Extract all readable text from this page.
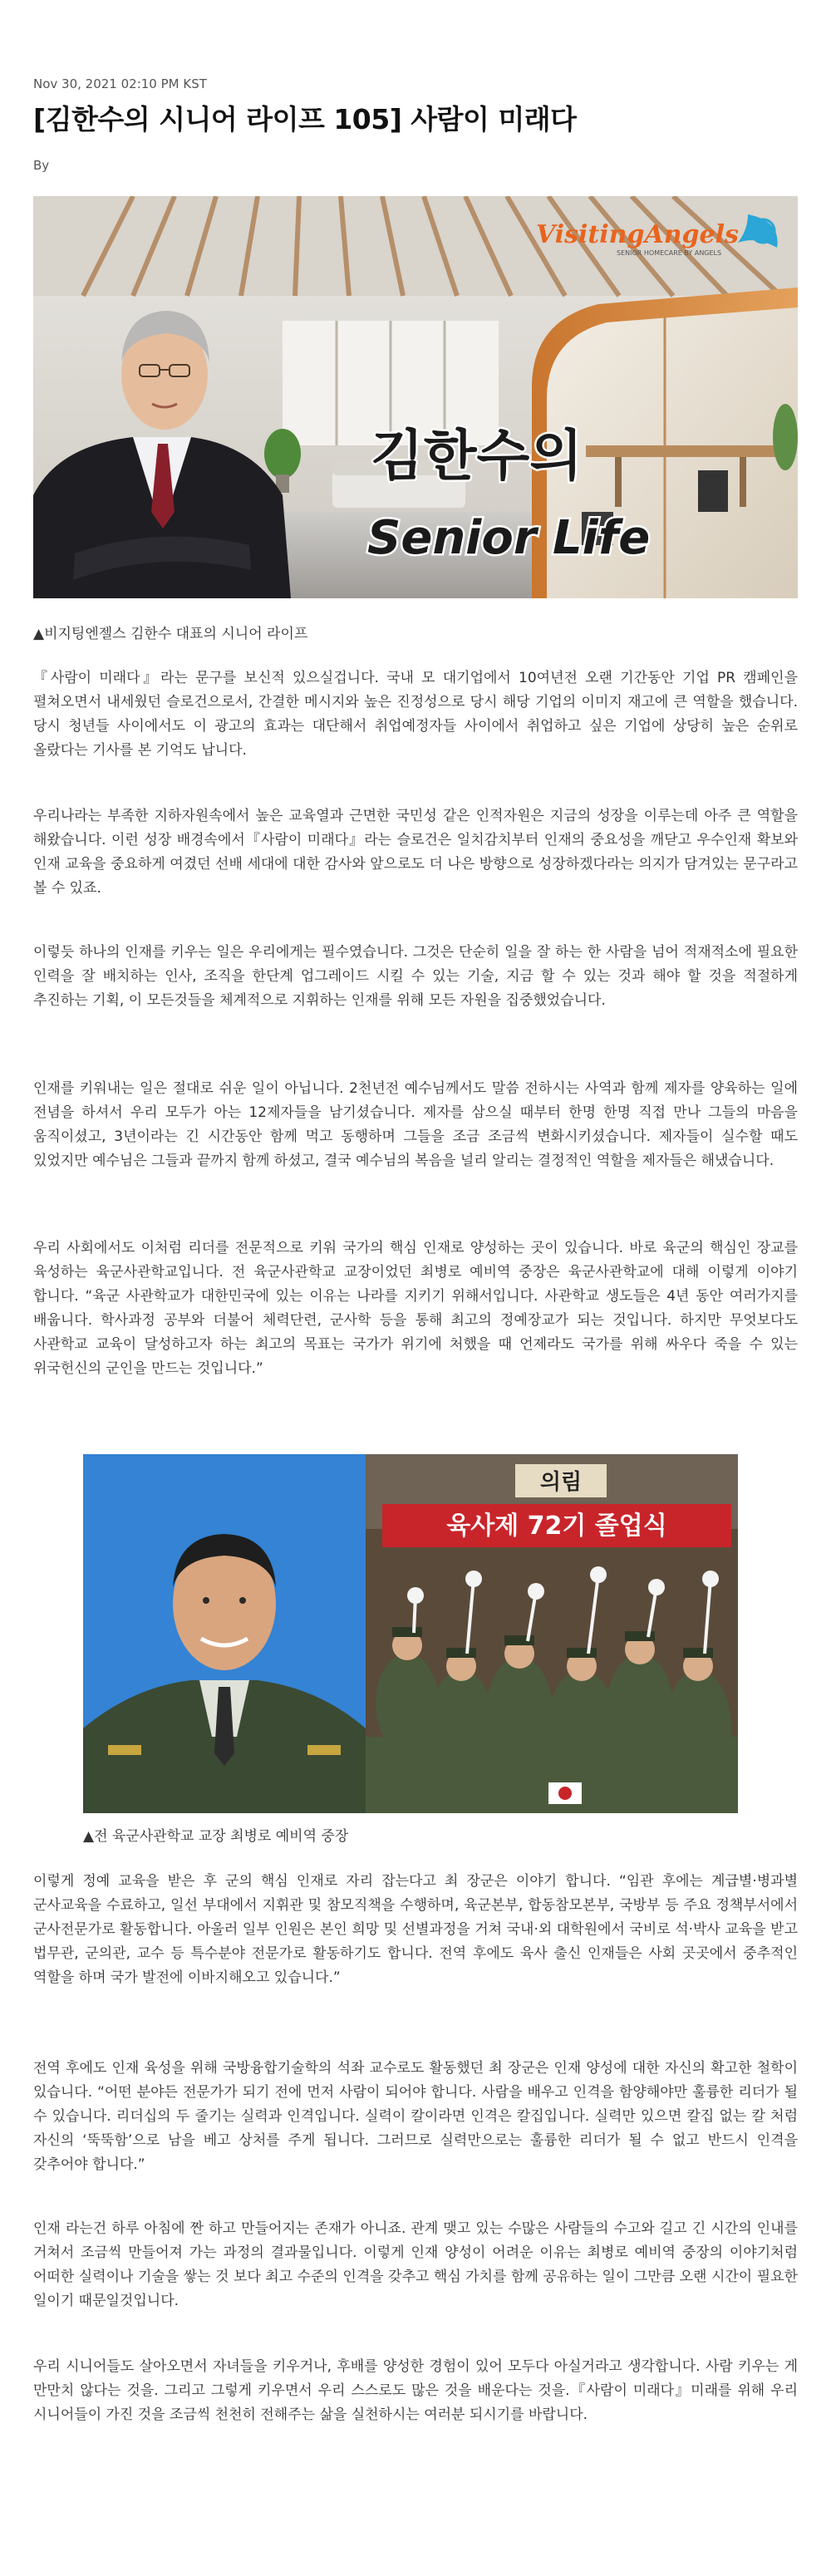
Nov 30, 2021 02:10 PM KST
[김한수의 시니어 라이프 105] 사람이 미래다
By
VisitingAngels
SENIOR HOMECARE BY ANGELS
김한수의
Senior Life
▲비지팅엔젤스 김한수 대표의 시니어 라이프

『사람이 미래다』라는 문구를 보신적 있으실겁니다. 국내 모 대기업에서 10여년전 오랜 기간동안 기업 PR 캠페인을 펼쳐오면서 내세웠던 슬로건으로서, 간결한 메시지와 높은 진정성으로 당시 해당 기업의 이미지 재고에 큰 역할을 했습니다. 당시 청년들 사이에서도 이 광고의 효과는 대단해서 취업예정자들 사이에서 취업하고 싶은 기업에 상당히 높은 순위로 올랐다는 기사를 본 기억도 납니다.

우리나라는 부족한 지하자원속에서 높은 교육열과 근면한 국민성 같은 인적자원은 지금의 성장을 이루는데 아주 큰 역할을 해왔습니다. 이런 성장 배경속에서『사람이 미래다』라는 슬로건은 일치감치부터 인재의 중요성을 깨닫고 우수인재 확보와 인재 교육을 중요하게 여겼던 선배 세대에 대한 감사와 앞으로도 더 나은 방향으로 성장하겠다라는 의지가 담겨있는 문구라고 볼 수 있죠.

이렇듯 하나의 인재를 키우는 일은 우리에게는 필수였습니다. 그것은 단순히 일을 잘 하는 한 사람을 넘어 적재적소에 필요한 인력을 잘 배치하는 인사, 조직을 한단계 업그레이드 시킬 수 있는 기술, 지금 할 수 있는 것과 해야 할 것을 적절하게 추진하는 기획, 이 모든것들을 체계적으로 지휘하는 인재를 위해 모든 자원을 집중했었습니다.

인재를 키워내는 일은 절대로 쉬운 일이 아닙니다. 2천년전 예수님께서도 말씀 전하시는 사역과 함께 제자를 양육하는 일에 전념을 하셔서 우리 모두가 아는 12제자들을 남기셨습니다. 제자를 삼으실 때부터 한명 한명 직접 만나 그들의 마음을 움직이셨고, 3년이라는 긴 시간동안 함께 먹고 동행하며 그들을 조금 조금씩 변화시키셨습니다. 제자들이 실수할 때도 있었지만 예수님은 그들과 끝까지 함께 하셨고, 결국 예수님의 복음을 널리 알리는 결정적인 역할을 제자들은 해냈습니다.

우리 사회에서도 이처럼 리더를 전문적으로 키워 국가의 핵심 인재로 양성하는 곳이 있습니다. 바로 육군의 핵심인 장교를 육성하는 육군사관학교입니다. 전 육군사관학교 교장이었던 최병로 예비역 중장은 육군사관학교에 대해 이렇게 이야기 합니다. “육군 사관학교가 대한민국에 있는 이유는 나라를 지키기 위해서입니다. 사관학교 생도들은 4년 동안 여러가지를 배웁니다. 학사과정 공부와 더불어 체력단련, 군사학 등을 통해 최고의 정예장교가 되는 것입니다. 하지만 무엇보다도 사관학교 교육이 달성하고자 하는 최고의 목표는 국가가 위기에 처했을 때 언제라도 국가를 위해 싸우다 죽을 수 있는 위국헌신의 군인을 만드는 것입니다.”

의림
육사제 72기 졸업식
▲전 육군사관학교 교장 최병로 예비역 중장

이렇게 정예 교육을 받은 후 군의 핵심 인재로 자리 잡는다고 최 장군은 이야기 합니다. “임관 후에는 계급별·병과별 군사교육을 수료하고, 일선 부대에서 지휘관 및 참모직책을 수행하며, 육군본부, 합동참모본부, 국방부 등 주요 정책부서에서 군사전문가로 활동합니다. 아울러 일부 인원은 본인 희망 및 선별과정을 거쳐 국내·외 대학원에서 국비로 석·박사 교육을 받고 법무관, 군의관, 교수 등 특수분야 전문가로 활동하기도 합니다. 전역 후에도 육사 출신 인재들은 사회 곳곳에서 중추적인 역할을 하며 국가 발전에 이바지해오고 있습니다.”

전역 후에도 인재 육성을 위해 국방융합기술학의 석좌 교수로도 활동했던 최 장군은 인재 양성에 대한 자신의 확고한 철학이 있습니다. “어떤 분야든 전문가가 되기 전에 먼저 사람이 되어야 합니다. 사람을 배우고 인격을 함양해야만 훌륭한 리더가 될 수 있습니다. 리더십의 두 줄기는 실력과 인격입니다. 실력이 칼이라면 인격은 칼집입니다. 실력만 있으면 칼집 없는 칼 처럼 자신의 ‘뚝뚝함’으로 남을 베고 상처를 주게 됩니다. 그러므로 실력만으로는 훌륭한 리더가 될 수 없고 반드시 인격을 갖추어야 합니다.”

인재 라는건 하루 아침에 짠 하고 만들어지는 존재가 아니죠. 관계 맺고 있는 수많은 사람들의 수고와 길고 긴 시간의 인내를 거쳐서 조금씩 만들어져 가는 과정의 결과물입니다. 이렇게 인재 양성이 어려운 이유는 최병로 예비역 중장의 이야기처럼 어떠한 실력이나 기술을 쌓는 것 보다 최고 수준의 인격을 갖추고 핵심 가치를 함께 공유하는 일이 그만큼 오랜 시간이 필요한 일이기 때문일것입니다.

우리 시니어들도 살아오면서 자녀들을 키우거나, 후배를 양성한 경험이 있어 모두다 아실거라고 생각합니다. 사람 키우는 게 만만치 않다는 것을. 그리고 그렇게 키우면서 우리 스스로도 많은 것을 배운다는 것을.『사람이 미래다』미래를 위해 우리 시니어들이 가진 것을 조금씩 천천히 전해주는 삶을 실천하시는 여러분 되시기를 바랍니다.
